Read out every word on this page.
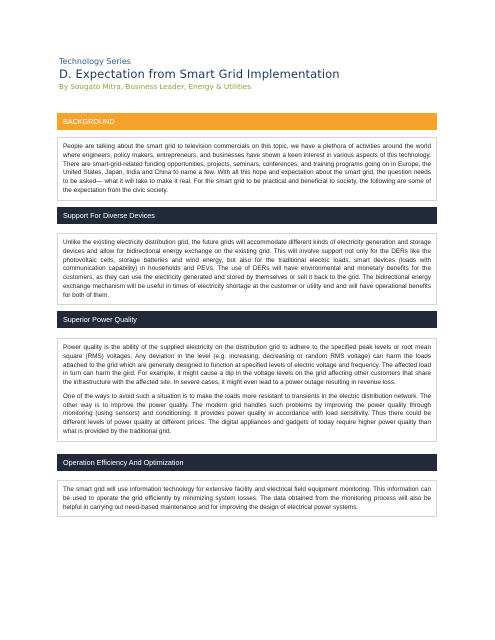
Technology Series
D. Expectation from Smart Grid Implementation
By Sougato Mitra, Business Leader, Energy & Utilities
BACKGROUND

People are talking about the smart grid to television commercials on this topic, we have a plethora of activities around the world where engineers, policy makers, entrepreneurs, and businesses have shown a keen interest in various aspects of this technology. There are smart-grid-related funding opportunities, projects, seminars, conferences, and training programs going on in Europe, the United States, Japan, India and China to name a few. With all this hope and expectation about the smart grid, the question needs to be asked— what it will take to make it real. For the smart grid to be practical and beneficial to society, the following are some of the expectation from the civic society.

Support For Diverse Devices

Unlike the existing electricity distribution grid, the future grids will accommodate different kinds of electricity generation and storage devices and allow for bidirectional energy exchange on the existing grid. This will involve support not only for the DERs like the photovoltaic cells, storage batteries and wind energy, but also for the traditional electric loads, smart devices (loads with communication capability) in households and PEVs. The use of DERs will have environmental and monetary benefits for the customers, as they can use the electricity generated and stored by themselves or sell it back to the grid. The bidirectional energy exchange mechanism will be useful in times of electricity shortage at the customer or utility end and will have operational benefits for both of them.

Superior Power Quality

Power quality is the ability of the supplied electricity on the distribution grid to adhere to the specified peak levels or root mean square (RMS) voltages. Any deviation in the level (e.g. increasing, decreasing or random RMS voltage) can harm the loads attached to the grid which are generally designed to function at specified levels of electric voltage and frequency. The affected load in turn can harm the gird. For example, it might cause a dip in the voltage levels on the grid affecting other customers that share the infrastructure with the affected site. In severe cases, it might even lead to a power outage resulting in revenue loss.

One of the ways to avoid such a situation is to make the loads more resistant to transients in the electric distribution network. The other way is to improve the power quality. The modern grid handles such problems by improving the power quality through monitoring (using sensors) and conditioning. It provides power quality in accordance with load sensitivity. Thus there could be different levels of power quality at different prices. The digital appliances and gadgets of today require higher power quality than what is provided by the traditional grid.

Operation Efficiency And Optimization

The smart grid will use information technology for extensive facility and electrical field equipment monitoring. This information can be used to operate the grid efficiently by minimizing system losses. The data obtained from the monitoring process will also be helpful in carrying out need-based maintenance and for improving the design of electrical power systems.
